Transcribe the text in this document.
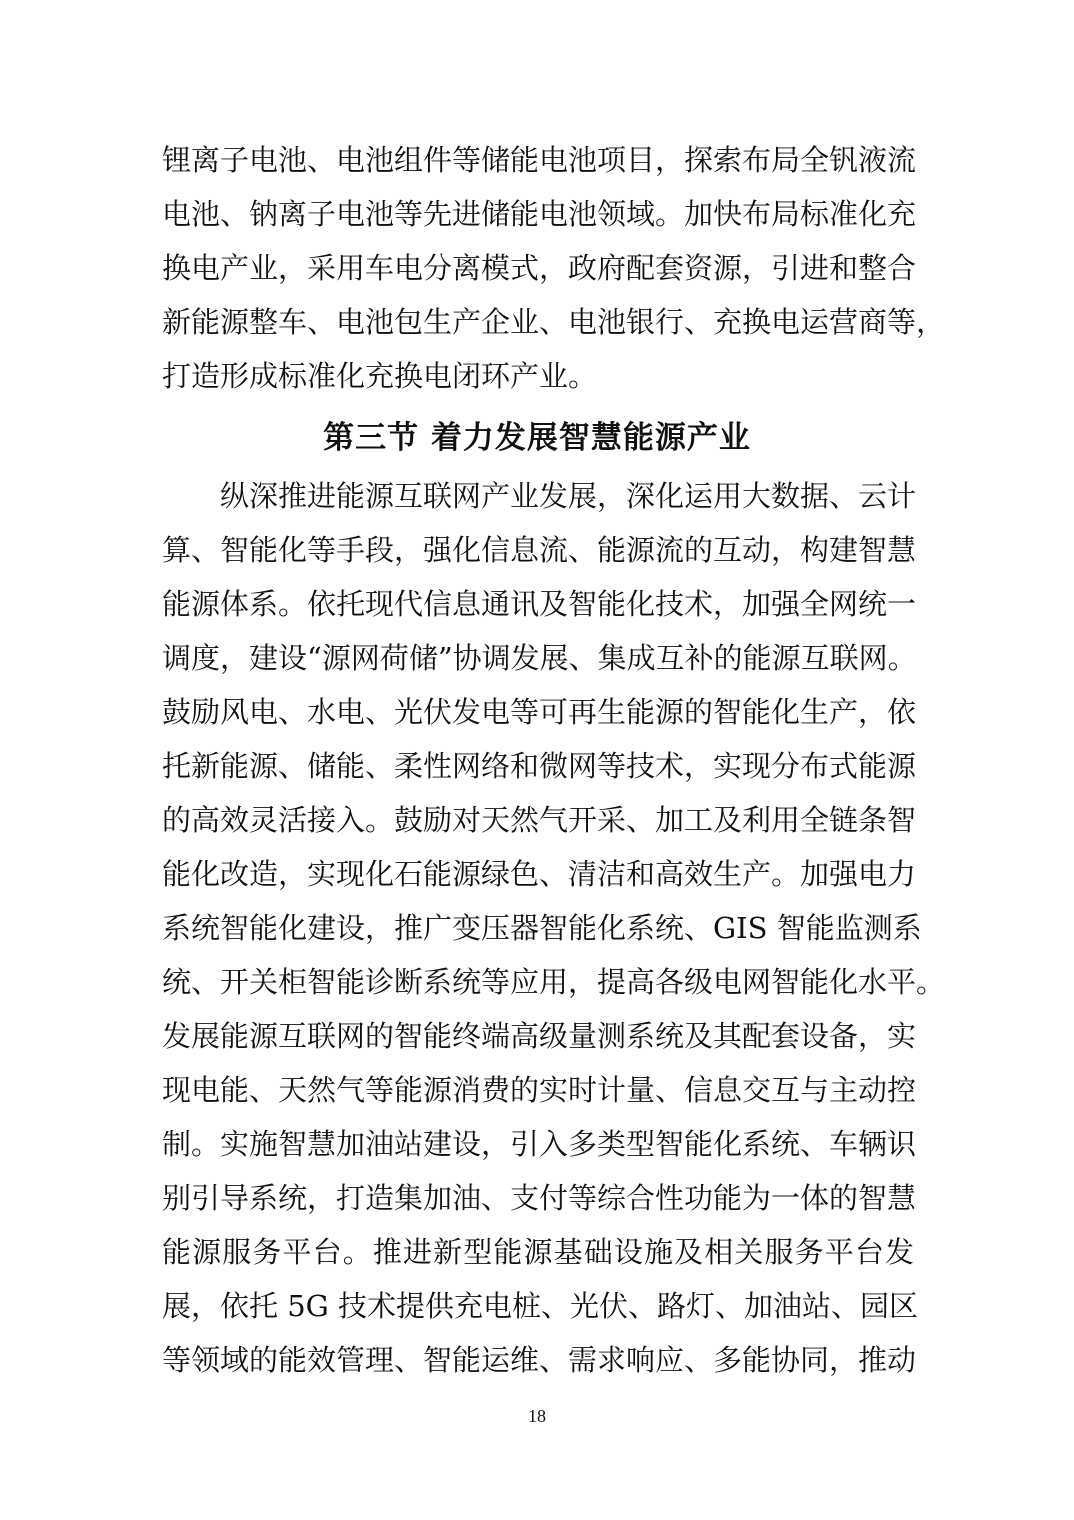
锂离子电池、电池组件等储能电池项目，探索布局全钒液流
电池、钠离子电池等先进储能电池领域。加快布局标准化充
换电产业，采用车电分离模式，政府配套资源，引进和整合
新能源整车、电池包生产企业、电池银行、充换电运营商等，
打造形成标准化充换电闭环产业。
第三节 着力发展智慧能源产业
纵深推进能源互联网产业发展，深化运用大数据、云计
算、智能化等手段，强化信息流、能源流的互动，构建智慧
能源体系。依托现代信息通讯及智能化技术，加强全网统一
调度，建设“源网荷储”协调发展、集成互补的能源互联网。
鼓励风电、水电、光伏发电等可再生能源的智能化生产，依
托新能源、储能、柔性网络和微网等技术，实现分布式能源
的高效灵活接入。鼓励对天然气开采、加工及利用全链条智
能化改造，实现化石能源绿色、清洁和高效生产。加强电力
系统智能化建设，推广变压器智能化系统、GIS 智能监测系
统、开关柜智能诊断系统等应用，提高各级电网智能化水平。
发展能源互联网的智能终端高级量测系统及其配套设备，实
现电能、天然气等能源消费的实时计量、信息交互与主动控
制。实施智慧加油站建设，引入多类型智能化系统、车辆识
别引导系统，打造集加油、支付等综合性功能为一体的智慧
能源服务平台。推进新型能源基础设施及相关服务平台发
展，依托 5G 技术提供充电桩、光伏、路灯、加油站、园区
等领域的能效管理、智能运维、需求响应、多能协同，推动
18
